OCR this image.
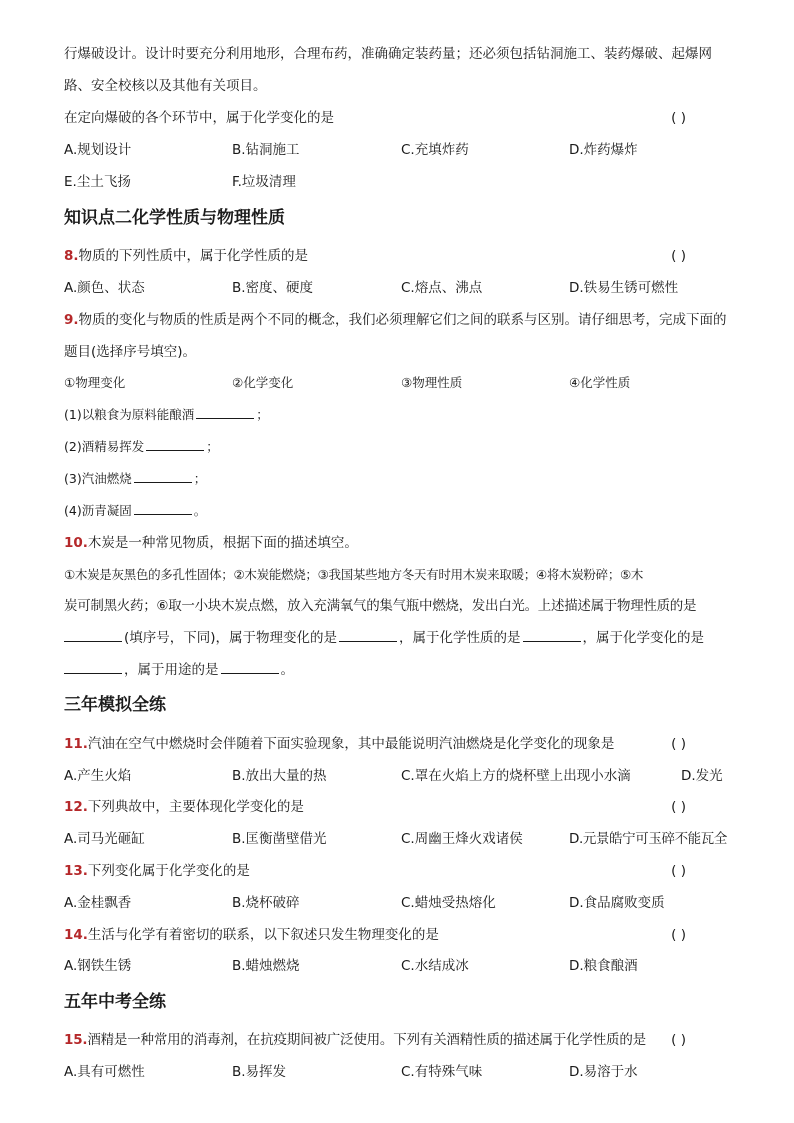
行爆破设计。设计时要充分利用地形，合理布药，准确确定装药量；还必须包括钻洞施工、装药爆破、起爆网
路、安全校核以及其他有关项目。
在定向爆破的各个环节中，属于化学变化的是	( )
A.规划设计	B.钻洞施工	C.充填炸药	D.炸药爆炸
E.尘土飞扬	F.垃圾清理
知识点二化学性质与物理性质
8.物质的下列性质中，属于化学性质的是	( )
A.颜色、状态	B.密度、硬度	C.熔点、沸点	D.铁易生锈可燃性
9.物质的变化与物质的性质是两个不同的概念，我们必须理解它们之间的联系与区别。请仔细思考，完成下面的
题目(选择序号填空)。
①物理变化	②化学变化	③物理性质	④化学性质
(1)以粮食为原料能酿酒	；
(2)酒精易挥发	；
(3)汽油燃烧	；
(4)沥青凝固	。
10.木炭是一种常见物质，根据下面的描述填空。
①木炭是灰黑色的多孔性固体；②木炭能燃烧；③我国某些地方冬天有时用木炭来取暖；④将木炭粉碎；⑤木
炭可制黑火药；⑥取一小块木炭点燃，放入充满氧气的集气瓶中燃烧，发出白光。上述描述属于物理性质的是
(填序号，下同)，属于物理变化的是	，属于化学性质的是	，属于化学变化的是
，属于用途的是	。
三年模拟全练
11.汽油在空气中燃烧时会伴随着下面实验现象，其中最能说明汽油燃烧是化学变化的现象是	( )
A.产生火焰	B.放出大量的热	C.罩在火焰上方的烧杯壁上出现小水滴	D.发光
12.下列典故中，主要体现化学变化的是	( )
A.司马光砸缸	B.匡衡凿壁借光	C.周幽王烽火戏诸侯	D.元景皓宁可玉碎不能瓦全
13.下列变化属于化学变化的是	( )
A.金桂飘香	B.烧杯破碎	C.蜡烛受热熔化	D.食品腐败变质
14.生活与化学有着密切的联系，以下叙述只发生物理变化的是	( )
A.钢铁生锈	B.蜡烛燃烧	C.水结成冰	D.粮食酿酒
五年中考全练
15.酒精是一种常用的消毒剂，在抗疫期间被广泛使用。下列有关酒精性质的描述属于化学性质的是 ( )
A.具有可燃性	B.易挥发	C.有特殊气味	D.易溶于水
